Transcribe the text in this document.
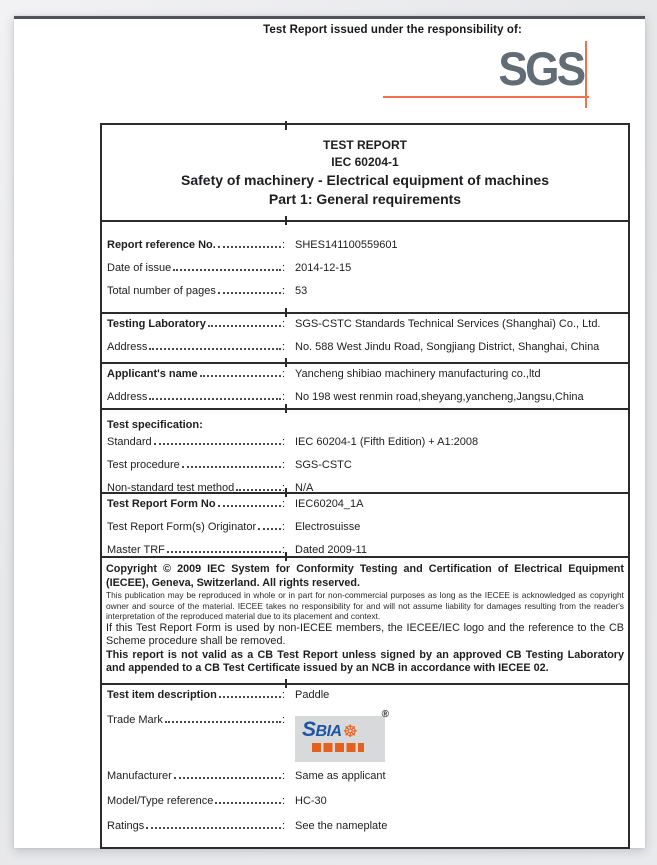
Test Report issued under the responsibility of:
SGS
TEST REPORT
IEC 60204-1
Safety of machinery - Electrical equipment of machines
Part 1: General requirements
Report reference No.	: SHES141100559601
Date of issue	: 2014-12-15
Total number of pages	: 53
Testing Laboratory	: SGS-CSTC Standards Technical Services (Shanghai) Co., Ltd.
Address	: No. 588 West Jindu Road, Songjiang District, Shanghai, China
Applicant's name	: Yancheng shibiao machinery manufacturing co.,ltd
Address	: No 198 west renmin road,sheyang,yancheng,Jangsu,China
Test specification:
Standard	: IEC 60204-1 (Fifth Edition) + A1:2008
Test procedure	: SGS-CSTC
Non-standard test method	: N/A
Test Report Form No	: IEC60204_1A
Test Report Form(s) Originator : Electrosuisse
Master TRF	: Dated 2009-11

Copyright © 2009 IEC System for Conformity Testing and Certification of Electrical Equipment (IECEE), Geneva, Switzerland. All rights reserved.

This publication may be reproduced in whole or in part for non-commercial purposes as long as the IECEE is acknowledged as copyright owner and source of the material. IECEE takes no responsibility for and will not assume liability for damages resulting from the reader's interpretation of the reproduced material due to its placement and context.

If this Test Report Form is used by non-IECEE members, the IECEE/IEC logo and the reference to the CB Scheme procedure shall be removed.

This report is not valid as a CB Test Report unless signed by an approved CB Testing Laboratory and appended to a CB Test Certificate issued by an NCB in accordance with IECEE 02.

Test item description	: Paddle
Trade Mark	:	®
SBIA ☸
Manufacturer	: Same as applicant
Model/Type reference	: HC-30
Ratings	: See the nameplate
